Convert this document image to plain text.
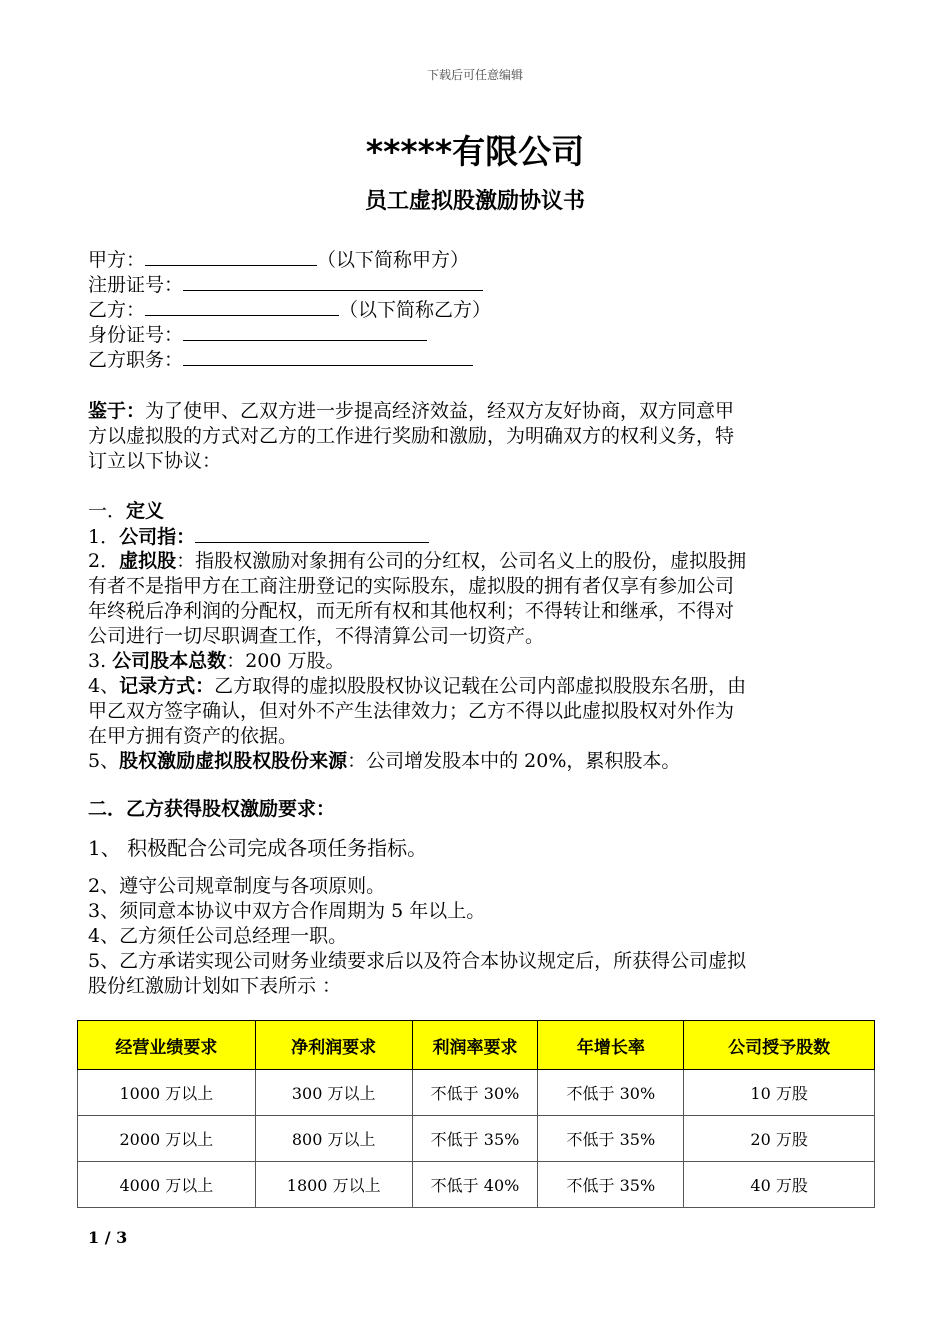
下载后可任意编辑
*****有限公司
员工虚拟股激励协议书
甲方：	（以下简称甲方）
注册证号：
乙方：	（以下简称乙方）
身份证号：
乙方职务：
鉴于：为了使甲、乙双方进一步提高经济效益，经双方友好协商，双方同意甲
方以虚拟股的方式对乙方的工作进行奖励和激励，为明确双方的权利义务，特
订立以下协议：
一．定义
1．公司指：
2．虚拟股：指股权激励对象拥有公司的分红权，公司名义上的股份，虚拟股拥
有者不是指甲方在工商注册登记的实际股东，虚拟股的拥有者仅享有参加公司
年终税后净利润的分配权，而无所有权和其他权利；不得转让和继承，不得对
公司进行一切尽职调查工作，不得清算公司一切资产。
3. 公司股本总数：200 万股。
4、记录方式：乙方取得的虚拟股股权协议记载在公司内部虚拟股股东名册，由
甲乙双方签字确认，但对外不产生法律效力；乙方不得以此虚拟股权对外作为
在甲方拥有资产的依据。
5、股权激励虚拟股权股份来源：公司增发股本中的 20%，累积股本。
二．乙方获得股权激励要求：
1、 积极配合公司完成各项任务指标。
2、遵守公司规章制度与各项原则。
3、须同意本协议中双方合作周期为 5 年以上。
4、乙方须任公司总经理一职。
5、乙方承诺实现公司财务业绩要求后以及符合本协议规定后，所获得公司虚拟
股份红激励计划如下表所示 ：
经营业绩要求	净利润要求	利润率要求	年增长率	公司授予股数
1000 万以上	300 万以上	不低于 30%	不低于 30%	10 万股
2000 万以上	800 万以上	不低于 35%	不低于 35%	20 万股
4000 万以上	1800 万以上	不低于 40%	不低于 35%	40 万股
1 / 3
